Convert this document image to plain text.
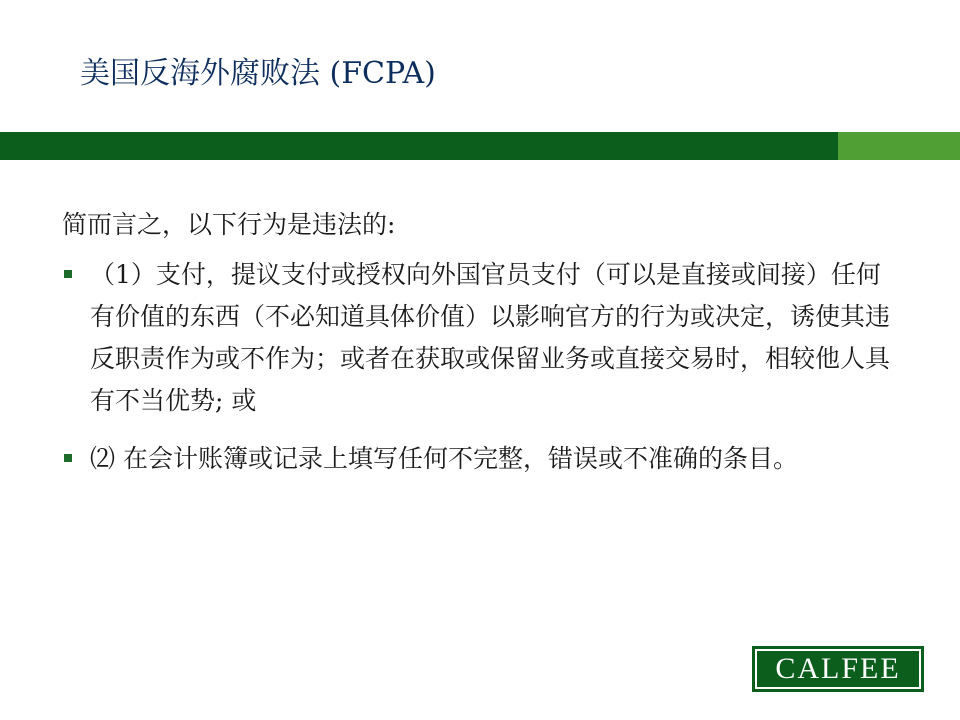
美国反海外腐败法 (FCPA)

简而言之，以下行为是违法的:

（1）支付，提议支付或授权向外国官员支付（可以是直接或间接）任何有价值的东西（不必知道具体价值）以影响官方的行为或决定，诱使其违反职责作为或不作为；或者在获取或保留业务或直接交易时，相较他人具有不当优势; 或
⑵ 在会计账簿或记录上填写任何不完整，错误或不准确的条目。
CALFEE
